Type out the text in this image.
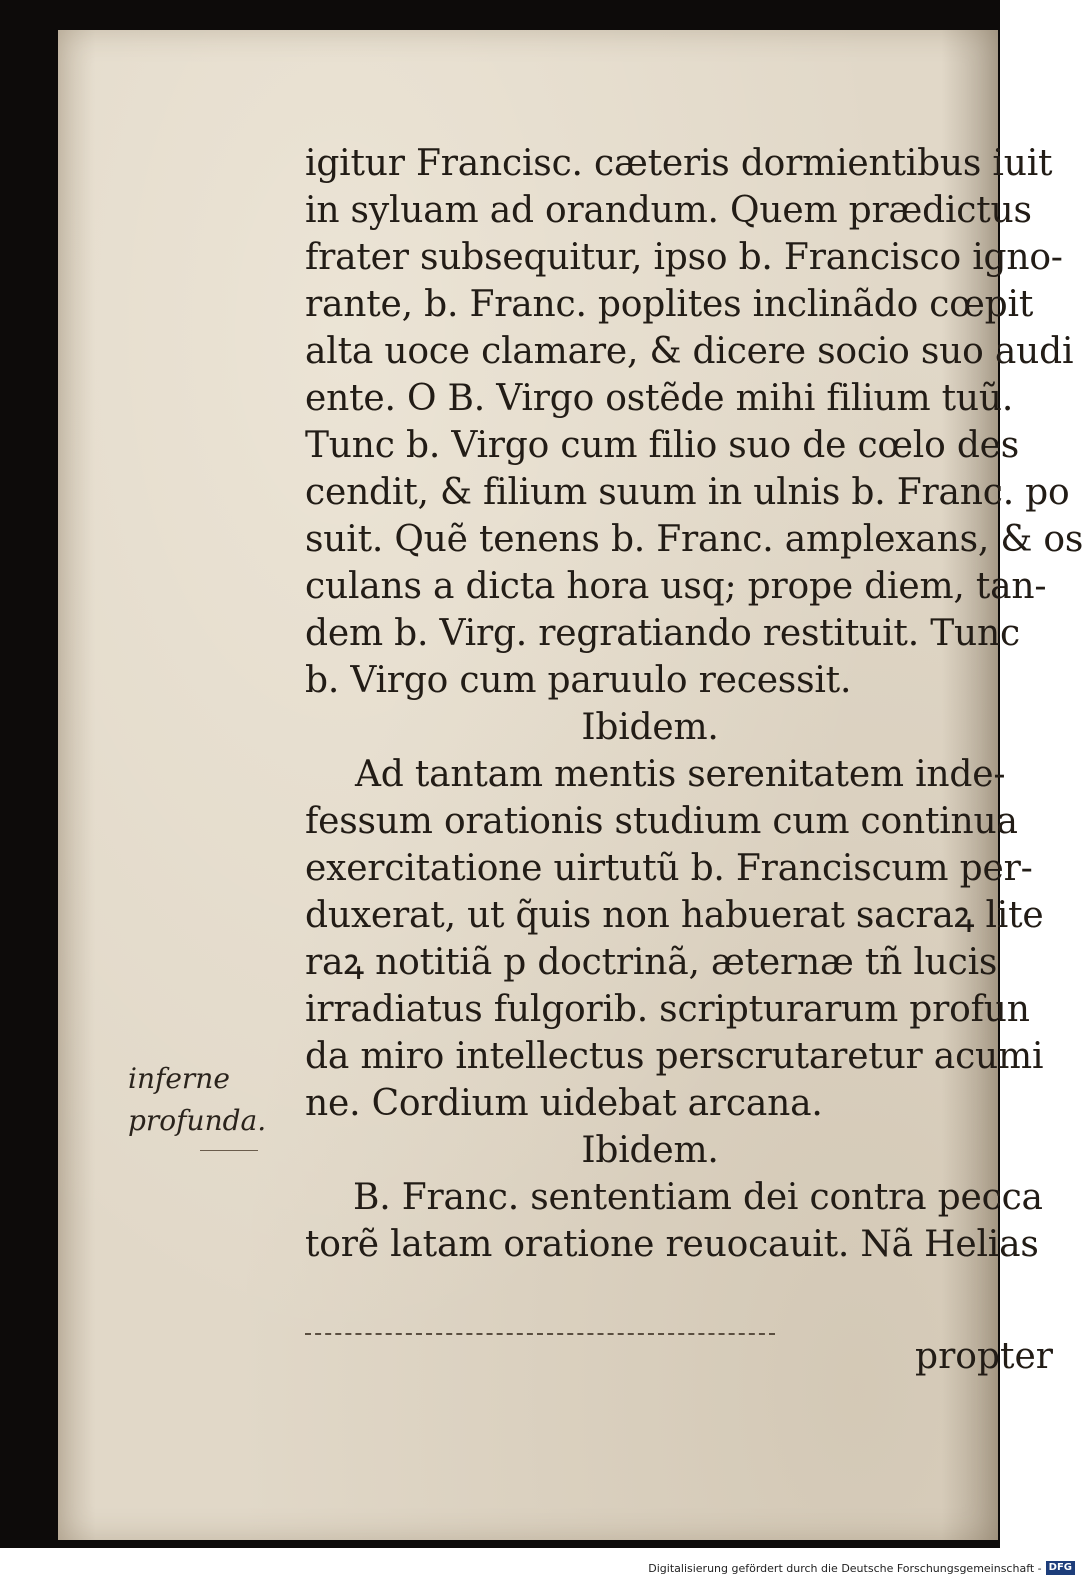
igitur Francisc. cæteris dormientibus iuit
in syluam ad orandum. Quem prædictus
frater subsequitur, ipso b. Francisco igno-
rante, b. Franc. poplites inclinãdo cœpit
alta uoce clamare, & dicere socio suo audi
ente. O B. Virgo ostẽde mihi filium tuũ.
Tunc b. Virgo cum filio suo de cœlo des
cendit, & filium suum in ulnis b. Franc. po
suit. Quẽ tenens b. Franc. amplexans, & os
culans a dicta hora usq; prope diem, tan-
dem b. Virg. regratiando restituit. Tunc
b. Virgo cum paruulo recessit.
Ibidem.
Ad tantam mentis serenitatem inde-
fessum orationis studium cum continua
exercitatione uirtutũ b. Franciscum per-
duxerat, ut q̃uis non habuerat sacraꝝ lite
raꝝ notitiã p doctrinã, æternæ tñ lucis
irradiatus fulgorib. scripturarum profun
da miro intellectus perscrutaretur acumi
ne. Cordium uidebat arcana.
Ibidem.
B. Franc. sententiam dei contra pecca
torẽ latam oratione reuocauit. Nã Helias
propter
inferne
profunda.
Digitalisierung gefördert durch die Deutsche Forschungsgemeinschaft - DFG
